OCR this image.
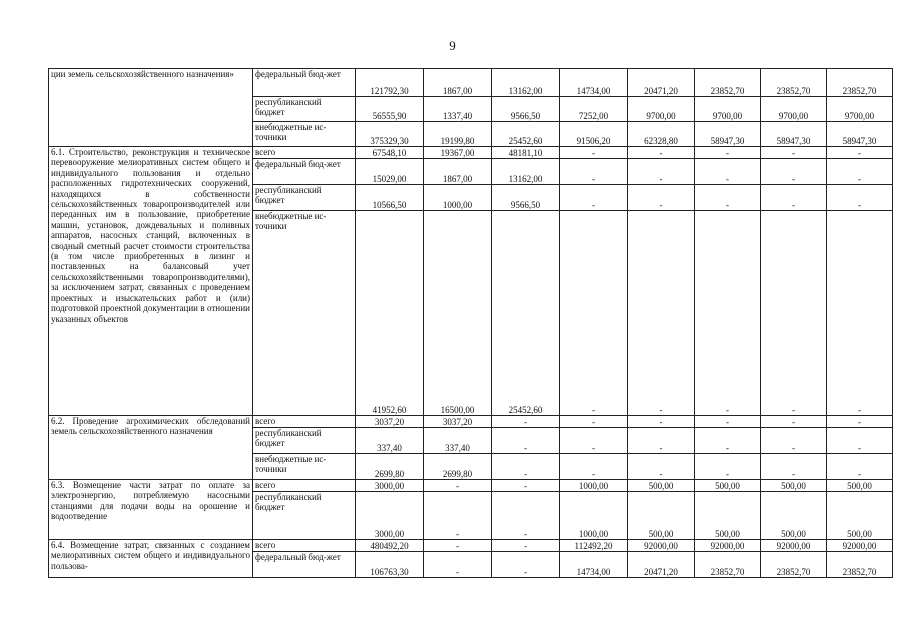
9
ции земель сельскохозяйственного назначения»	федеральный бюд-жет	121792,30	1867,00	13162,00	14734,00	20471,20	23852,70	23852,70	23852,70
	республиканский бюджет	56555,90	1337,40	9566,50	7252,00	9700,00	9700,00	9700,00	9700,00
	внебюджетные ис-точники	375329,30	19199,80	25452,60	91506,20	62328,80	58947,30	58947,30	58947,30
6.1. Строительство, реконструкция и техническое перевооружение мелиоративных систем общего и индивидуального пользования и отдельно расположенных гидротехнических сооружений, находящихся в собственности сельскохозяйственных товаропроизводителей или переданных им в пользование, приобретение машин, установок, дождевальных и поливных аппаратов, насосных станций, включенных в сводный сметный расчет стоимости строительства (в том числе приобретенных в лизинг и поставленных на балансовый учет сельскохозяйственными товаропроизводителями), за исключением затрат, связанных с проведением проектных и изыскательских работ и (или) подготовкой проектной документации в отношении указанных объектов	всего	67548,10	19367,00	48181,10	-	-	-	-	-
	федеральный бюд-жет	15029,00	1867,00	13162,00	-	-	-	-	-
	республиканский бюджет	10566,50	1000,00	9566,50	-	-	-	-	-
	внебюджетные ис-точники	41952,60	16500,00	25452,60	-	-	-	-	-
6.2. Проведение агрохимических обследований земель сельскохозяйственного назначения	всего	3037,20	3037,20	-	-	-	-	-	-
	республиканский бюджет	337,40	337,40	-	-	-	-	-	-
	внебюджетные ис-точники	2699,80	2699,80	-	-	-	-	-	-
6.3. Возмещение части затрат по оплате за электроэнергию, потребляемую насосными станциями для подачи воды на орошение и водоотведение	всего	3000,00	-	-	1000,00	500,00	500,00	500,00	500,00
	республиканский бюджет	3000,00	-	-	1000,00	500,00	500,00	500,00	500,00
6.4. Возмещение затрат, связанных с созданием мелиоративных систем общего и индивидуального пользова-	всего	480492,20	-	-	112492,20	92000,00	92000,00	92000,00	92000,00
	федеральный бюд-жет	106763,30	-	-	14734,00	20471,20	23852,70	23852,70	23852,70
